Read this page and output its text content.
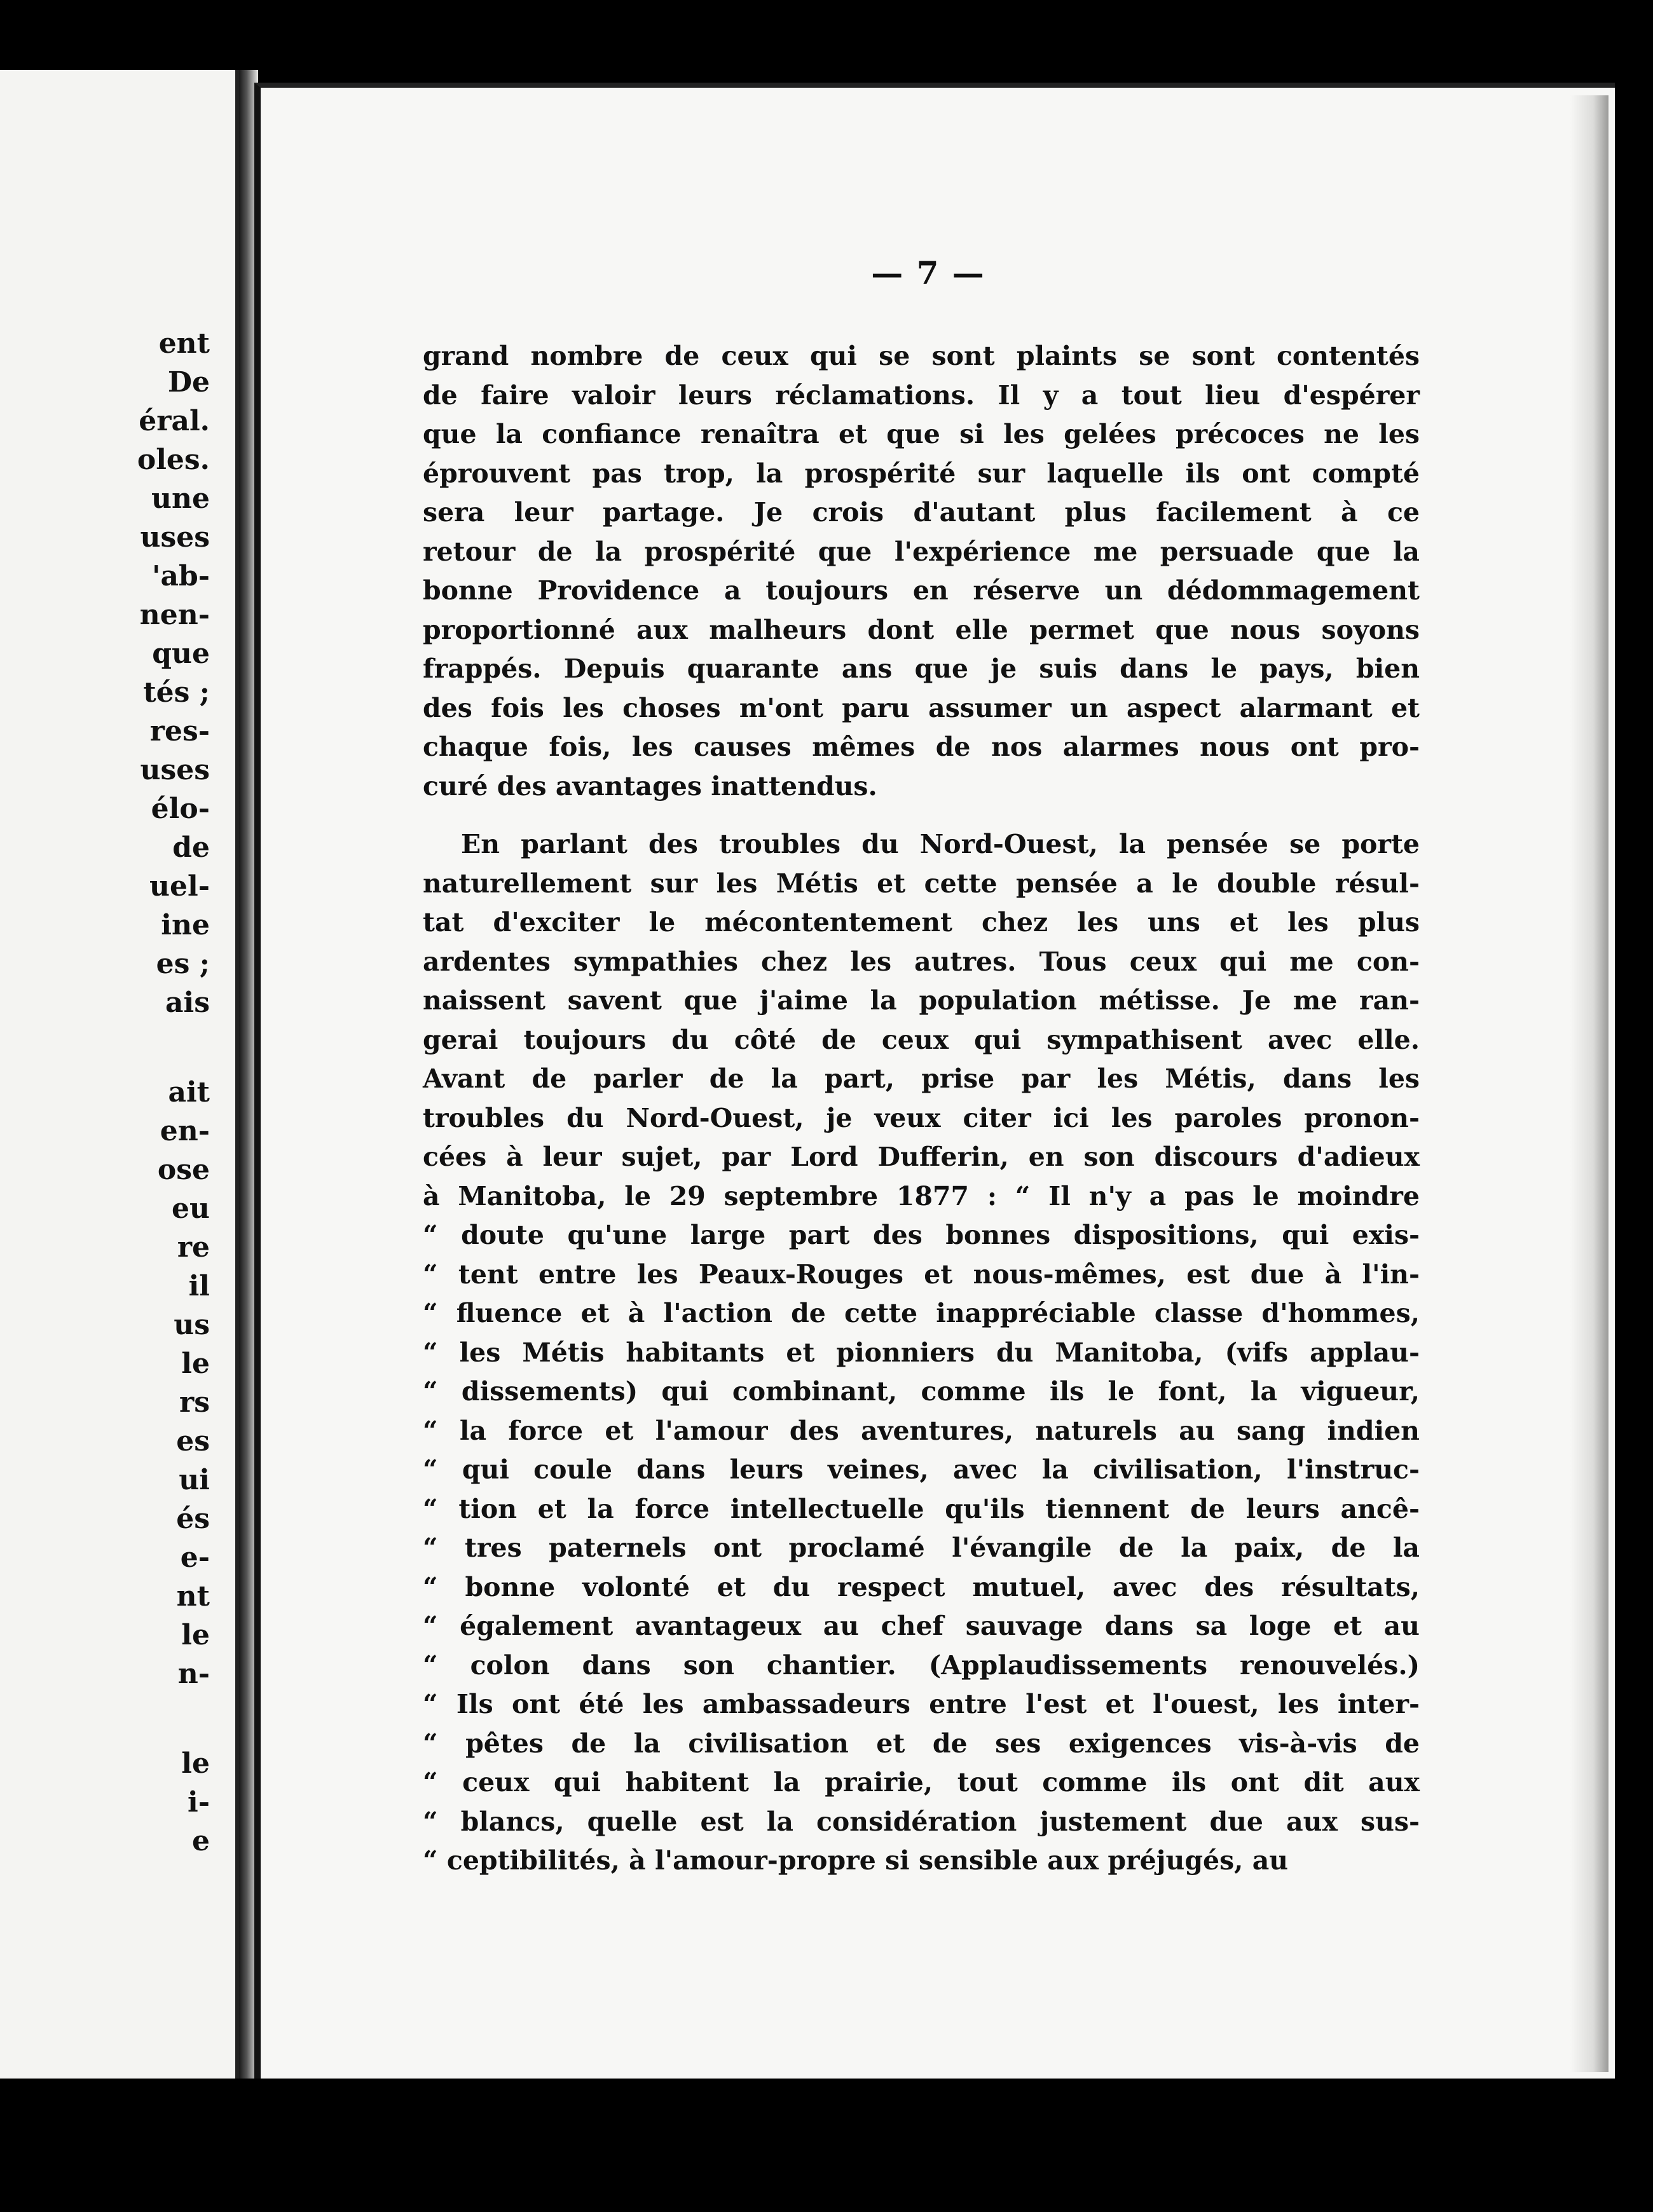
ent
De
éral.
oles.
une
uses
'ab-
nen-
que
tés ;
res-
uses
élo-
de
uel-
ine
es ;
ais
ait
en-
ose
eu
re
il
us
le
rs
es
ui
és
e-
nt
le
n-
le
i-
e
— 7 —
grand nombre de ceux qui se sont plaints se sont contentés
de faire valoir leurs réclamations. Il y a tout lieu d'espérer
que la confiance renaîtra et que si les gelées précoces ne les
éprouvent pas trop, la prospérité sur laquelle ils ont compté
sera leur partage. Je crois d'autant plus facilement à ce
retour de la prospérité que l'expérience me persuade que la
bonne Providence a toujours en réserve un dédommagement
proportionné aux malheurs dont elle permet que nous soyons
frappés. Depuis quarante ans que je suis dans le pays, bien
des fois les choses m'ont paru assumer un aspect alarmant et
chaque fois, les causes mêmes de nos alarmes nous ont pro-
curé des avantages inattendus.
En parlant des troubles du Nord-Ouest, la pensée se porte
naturellement sur les Métis et cette pensée a le double résul-
tat d'exciter le mécontentement chez les uns et les plus
ardentes sympathies chez les autres. Tous ceux qui me con-
naissent savent que j'aime la population métisse. Je me ran-
gerai toujours du côté de ceux qui sympathisent avec elle.
Avant de parler de la part, prise par les Métis, dans les
troubles du Nord-Ouest, je veux citer ici les paroles pronon-
cées à leur sujet, par Lord Dufferin, en son discours d'adieux
à Manitoba, le 29 septembre 1877 : “ Il n'y a pas le moindre
“ doute qu'une large part des bonnes dispositions, qui exis-
“ tent entre les Peaux-Rouges et nous-mêmes, est due à l'in-
“ fluence et à l'action de cette inappréciable classe d'hommes,
“ les Métis habitants et pionniers du Manitoba, (vifs applau-
“ dissements) qui combinant, comme ils le font, la vigueur,
“ la force et l'amour des aventures, naturels au sang indien
“ qui coule dans leurs veines, avec la civilisation, l'instruc-
“ tion et la force intellectuelle qu'ils tiennent de leurs ancê-
“ tres paternels ont proclamé l'évangile de la paix, de la
“ bonne volonté et du respect mutuel, avec des résultats,
“ également avantageux au chef sauvage dans sa loge et au
“ colon dans son chantier. (Applaudissements renouvelés.)
“ Ils ont été les ambassadeurs entre l'est et l'ouest, les inter-
“ pêtes de la civilisation et de ses exigences vis-à-vis de
“ ceux qui habitent la prairie, tout comme ils ont dit aux
“ blancs, quelle est la considération justement due aux sus-
“ ceptibilités, à l'amour-propre si sensible aux préjugés, au
